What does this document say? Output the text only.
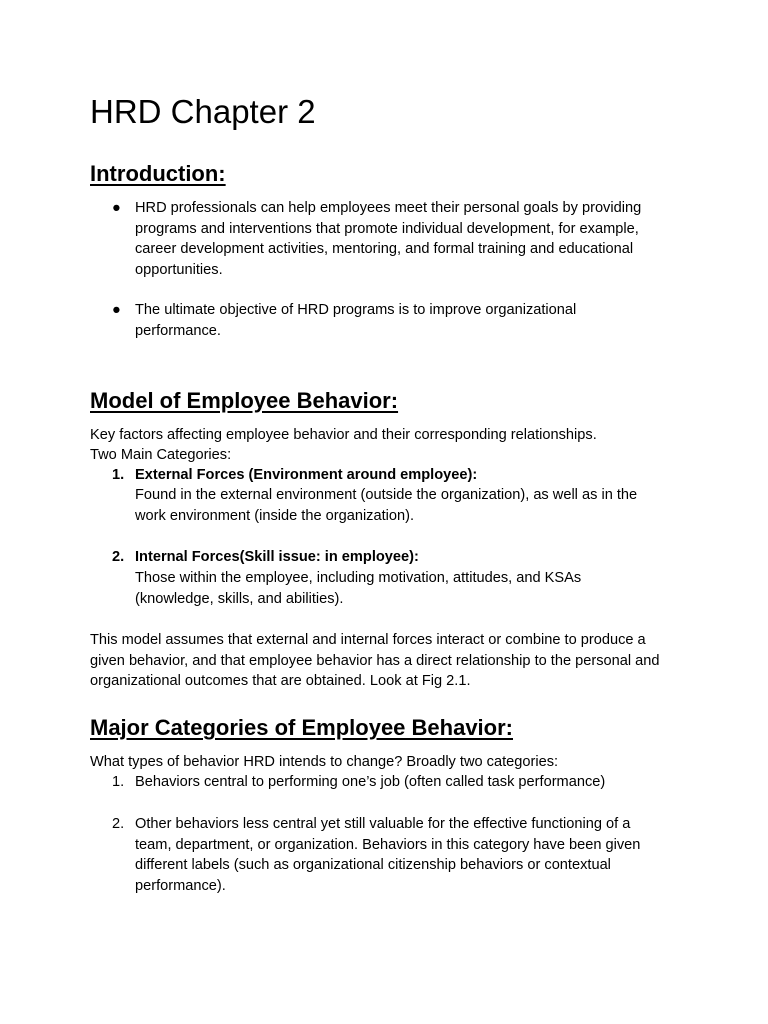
HRD Chapter 2
Introduction:
● HRD professionals can help employees meet their personal goals by providing programs and interventions that promote individual development, for example, career development activities, mentoring, and formal training and educational opportunities.

● The ultimate objective of HRD programs is to improve organizational performance.

Model of Employee Behavior:

Key factors affecting employee behavior and their corresponding relationships.

Two Main Categories:

1. External Forces (Environment around employee):

Found in the external environment (outside the organization), as well as in the work environment (inside the organization).

2. Internal Forces(Skill issue: in employee):

Those within the employee, including motivation, attitudes, and KSAs (knowledge, skills, and abilities).

This model assumes that external and internal forces interact or combine to produce a given behavior, and that employee behavior has a direct relationship to the personal and organizational outcomes that are obtained. Look at Fig 2.1.

Major Categories of Employee Behavior:

What types of behavior HRD intends to change? Broadly two categories:

1. Behaviors central to performing one’s job (often called task performance)

2. Other behaviors less central yet still valuable for the effective functioning of a team, department, or organization. Behaviors in this category have been given different labels (such as organizational citizenship behaviors or contextual performance).
